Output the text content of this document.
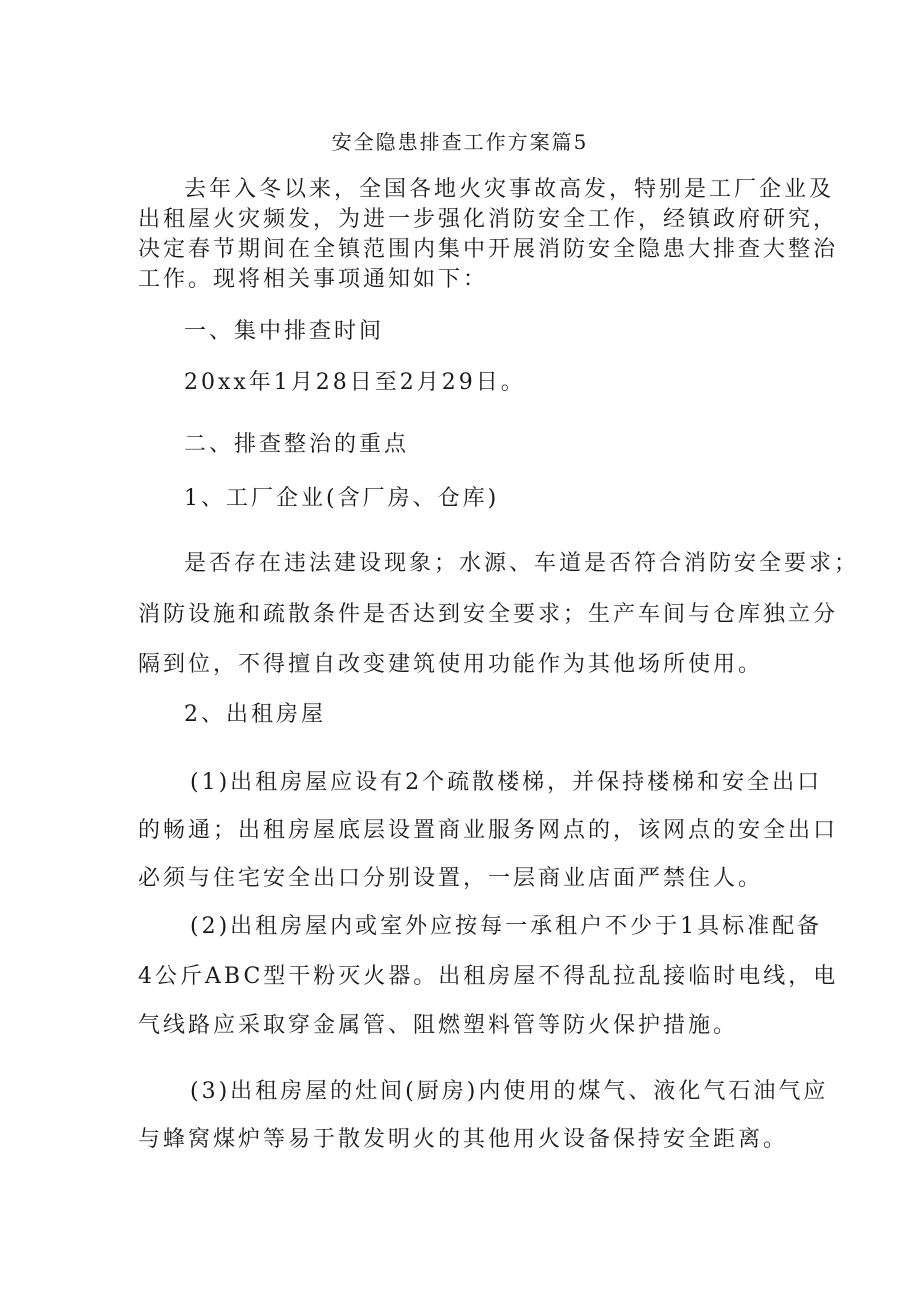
安全隐患排查工作方案篇5
去年入冬以来，全国各地火灾事故高发，特别是工厂企业及
出租屋火灾频发，为进一步强化消防安全工作，经镇政府研究，
决定春节期间在全镇范围内集中开展消防安全隐患大排查大整治
工作。现将相关事项通知如下：
一、集中排查时间
20xx年1月28日至2月29日。
二、排查整治的重点
1、工厂企业(含厂房、仓库)
是否存在违法建设现象；水源、车道是否符合消防安全要求；
消防设施和疏散条件是否达到安全要求；生产车间与仓库独立分
隔到位，不得擅自改变建筑使用功能作为其他场所使用。
2、出租房屋
(1)出租房屋应设有2个疏散楼梯，并保持楼梯和安全出口
的畅通；出租房屋底层设置商业服务网点的，该网点的安全出口
必须与住宅安全出口分别设置，一层商业店面严禁住人。
(2)出租房屋内或室外应按每一承租户不少于1具标准配备
4公斤ABC型干粉灭火器。出租房屋不得乱拉乱接临时电线，电
气线路应采取穿金属管、阻燃塑料管等防火保护措施。
(3)出租房屋的灶间(厨房)内使用的煤气、液化气石油气应
与蜂窝煤炉等易于散发明火的其他用火设备保持安全距离。
